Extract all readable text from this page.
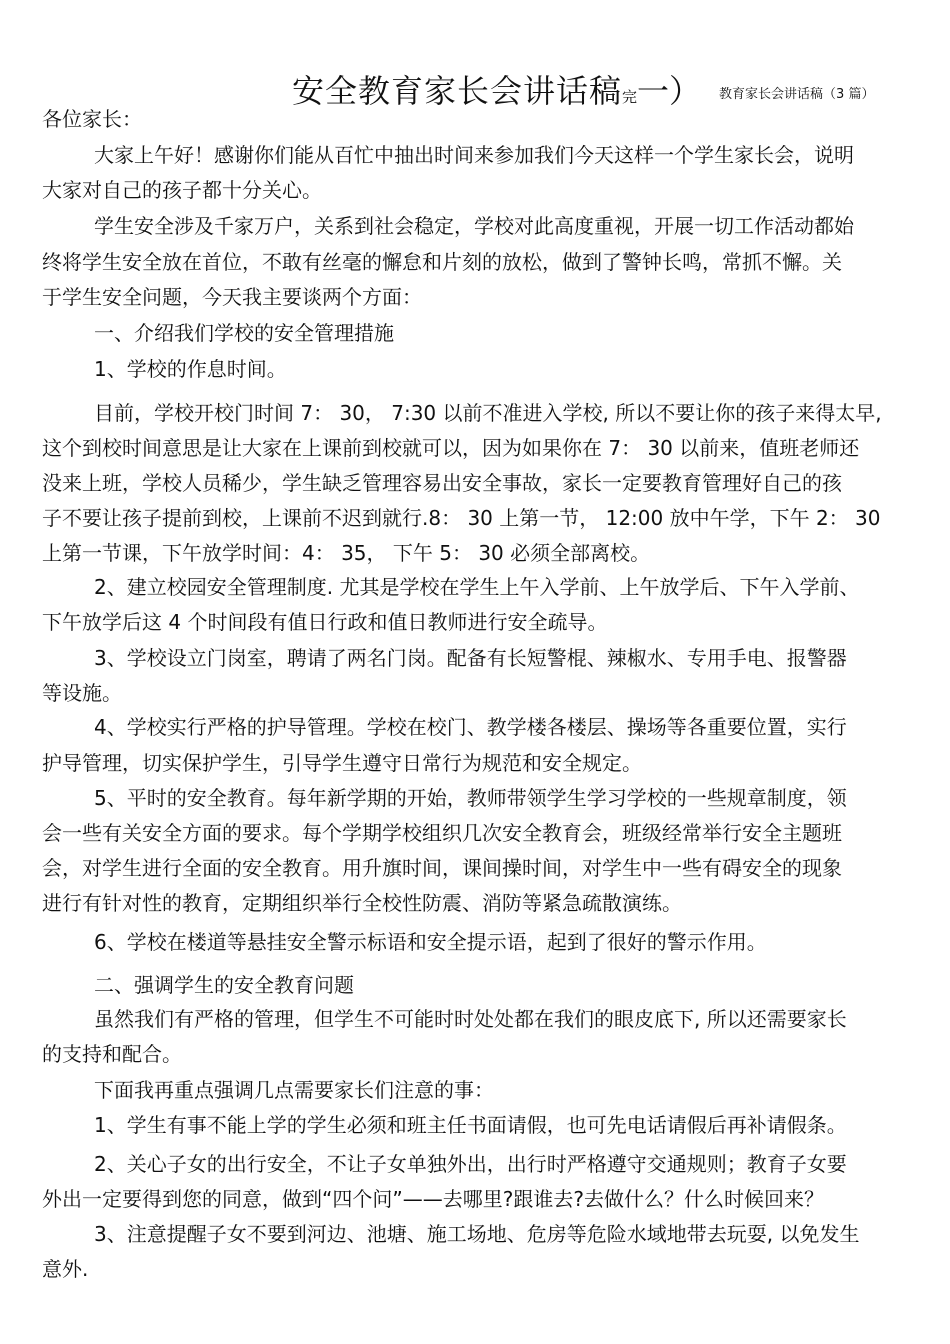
安全教育家长会讲话稿完一） $^{教育家长会讲话稿(3 篇)}$
各位家长：
大家上午好！感谢你们能从百忙中抽出时间来参加我们今天这样一个学生家长会，说明
大家对自己的孩子都十分关心。
学生安全涉及千家万户，关系到社会稳定，学校对此高度重视，开展一切工作活动都始
终将学生安全放在首位，不敢有丝毫的懈怠和片刻的放松，做到了警钟长鸣，常抓不懈。关
于学生安全问题，今天我主要谈两个方面：
一、介绍我们学校的安全管理措施
1、学校的作息时间。
目前，学校开校门时间 7： 30， 7:30 以前不准进入学校, 所以不要让你的孩子来得太早,
这个到校时间意思是让大家在上课前到校就可以，因为如果你在 7： 30 以前来，值班老师还
没来上班，学校人员稀少，学生缺乏管理容易出安全事故，家长一定要教育管理好自己的孩
子不要让孩子提前到校，上课前不迟到就行.8： 30 上第一节， 12:00 放中午学，下午 2： 30
上第一节课，下午放学时间：4： 35， 下午 5： 30 必须全部离校。
2、建立校园安全管理制度. 尤其是学校在学生上午入学前、上午放学后、下午入学前、
下午放学后这 4 个时间段有值日行政和值日教师进行安全疏导。
3、学校设立门岗室，聘请了两名门岗。配备有长短警棍、辣椒水、专用手电、报警器
等设施。
4、学校实行严格的护导管理。学校在校门、教学楼各楼层、操场等各重要位置，实行
护导管理，切实保护学生，引导学生遵守日常行为规范和安全规定。
5、平时的安全教育。每年新学期的开始，教师带领学生学习学校的一些规章制度，领
会一些有关安全方面的要求。每个学期学校组织几次安全教育会，班级经常举行安全主题班
会，对学生进行全面的安全教育。用升旗时间，课间操时间，对学生中一些有碍安全的现象
进行有针对性的教育，定期组织举行全校性防震、消防等紧急疏散演练。
6、学校在楼道等悬挂安全警示标语和安全提示语，起到了很好的警示作用。
二、强调学生的安全教育问题
虽然我们有严格的管理，但学生不可能时时处处都在我们的眼皮底下, 所以还需要家长
的支持和配合。
下面我再重点强调几点需要家长们注意的事：
1、学生有事不能上学的学生必须和班主任书面请假，也可先电话请假后再补请假条。
2、关心子女的出行安全，不让子女单独外出，出行时严格遵守交通规则；教育子女要
外出一定要得到您的同意，做到“四个问”——去哪里?跟谁去?去做什么？什么时候回来？
3、注意提醒子女不要到河边、池塘、施工场地、危房等危险水域地带去玩耍, 以免发生
意外.
